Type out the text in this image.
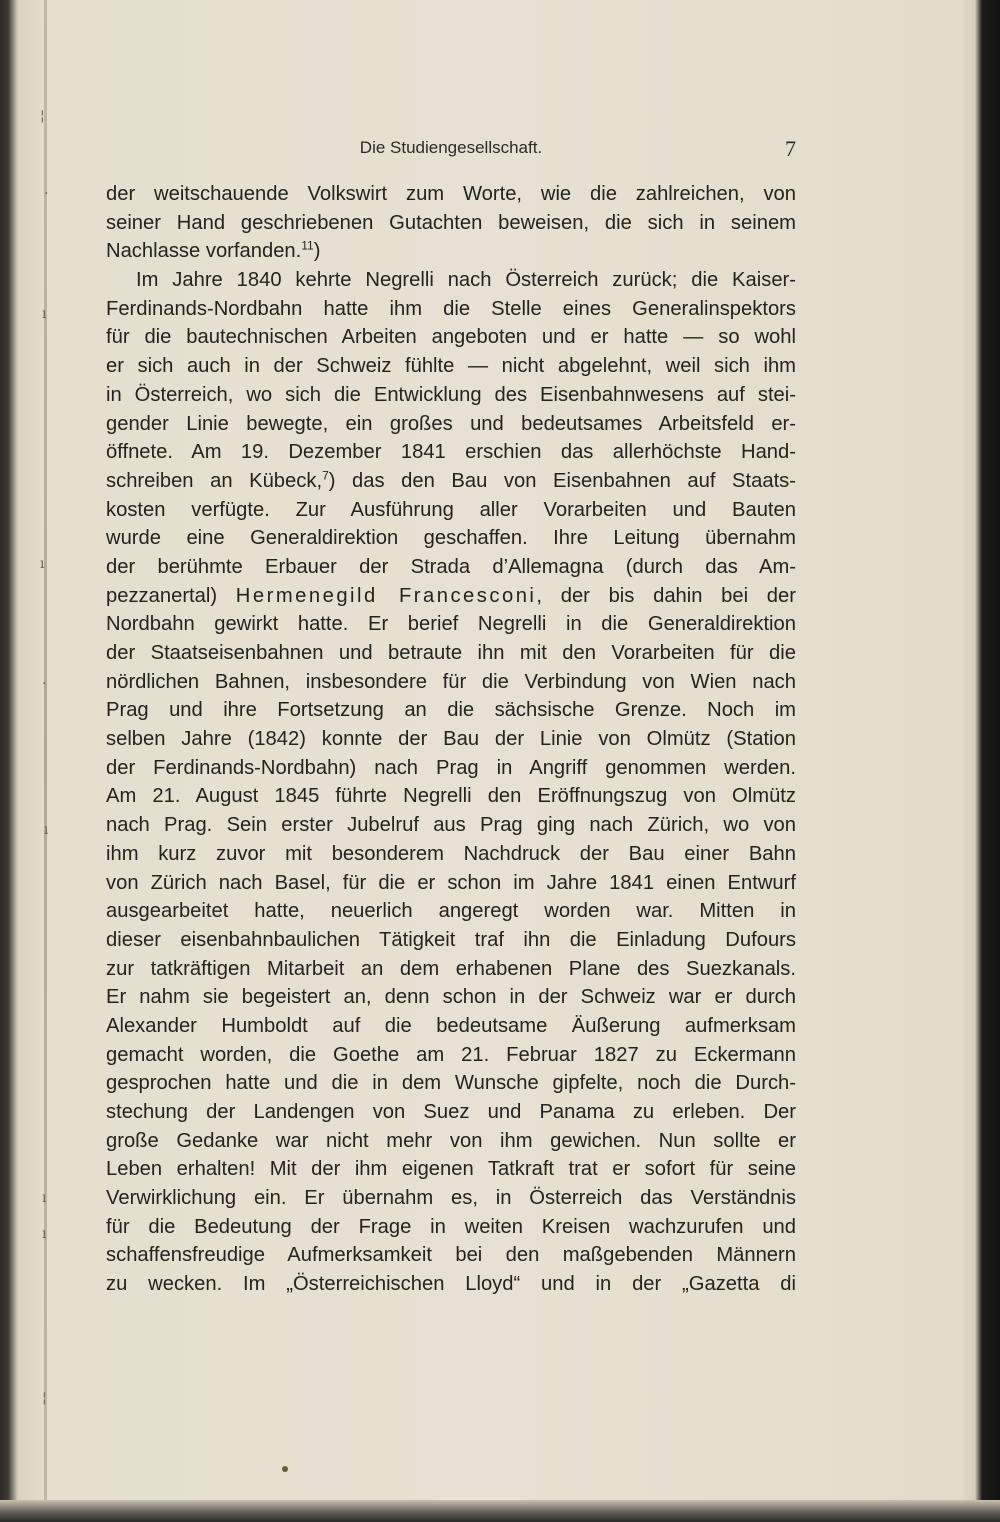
¦
·
ı
ı
·
ı
ı
ı
¦
Die Studiengesellschaft.	7
der weitschauende Volkswirt zum Worte, wie die zahlreichen, von
seiner Hand geschriebenen Gutachten beweisen, die sich in seinem
Nachlasse vorfanden.$^{11}$)
Im Jahre 1840 kehrte Negrelli nach Österreich zurück; die Kaiser-
Ferdinands-Nordbahn hatte ihm die Stelle eines Generalinspektors
für die bautechnischen Arbeiten angeboten und er hatte — so wohl
er sich auch in der Schweiz fühlte — nicht abgelehnt, weil sich ihm
in Österreich, wo sich die Entwicklung des Eisenbahnwesens auf stei-
gender Linie bewegte, ein großes und bedeutsames Arbeitsfeld er-
öffnete. Am 19. Dezember 1841 erschien das allerhöchste Hand-
schreiben an Kübeck,$^7$) das den Bau von Eisenbahnen auf Staats-
kosten verfügte. Zur Ausführung aller Vorarbeiten und Bauten
wurde eine Generaldirektion geschaffen. Ihre Leitung übernahm
der berühmte Erbauer der Strada d’Allemagna (durch das Am-
pezzanertal) Hermenegild Francesconi, der bis dahin bei der
Nordbahn gewirkt hatte. Er berief Negrelli in die Generaldirektion
der Staatseisenbahnen und betraute ihn mit den Vorarbeiten für die
nördlichen Bahnen, insbesondere für die Verbindung von Wien nach
Prag und ihre Fortsetzung an die sächsische Grenze. Noch im
selben Jahre (1842) konnte der Bau der Linie von Olmütz (Station
der Ferdinands-Nordbahn) nach Prag in Angriff genommen werden.
Am 21. August 1845 führte Negrelli den Eröffnungszug von Olmütz
nach Prag. Sein erster Jubelruf aus Prag ging nach Zürich, wo von
ihm kurz zuvor mit besonderem Nachdruck der Bau einer Bahn
von Zürich nach Basel, für die er schon im Jahre 1841 einen Entwurf
ausgearbeitet hatte, neuerlich angeregt worden war. Mitten in
dieser eisenbahnbaulichen Tätigkeit traf ihn die Einladung Dufours
zur tatkräftigen Mitarbeit an dem erhabenen Plane des Suezkanals.
Er nahm sie begeistert an, denn schon in der Schweiz war er durch
Alexander Humboldt auf die bedeutsame Äußerung aufmerksam
gemacht worden, die Goethe am 21. Februar 1827 zu Eckermann
gesprochen hatte und die in dem Wunsche gipfelte, noch die Durch-
stechung der Landengen von Suez und Panama zu erleben. Der
große Gedanke war nicht mehr von ihm gewichen. Nun sollte er
Leben erhalten! Mit der ihm eigenen Tatkraft trat er sofort für seine
Verwirklichung ein. Er übernahm es, in Österreich das Verständnis
für die Bedeutung der Frage in weiten Kreisen wachzurufen und
schaffensfreudige Aufmerksamkeit bei den maßgebenden Männern
zu wecken. Im „Österreichischen Lloyd“ und in der „Gazetta di
